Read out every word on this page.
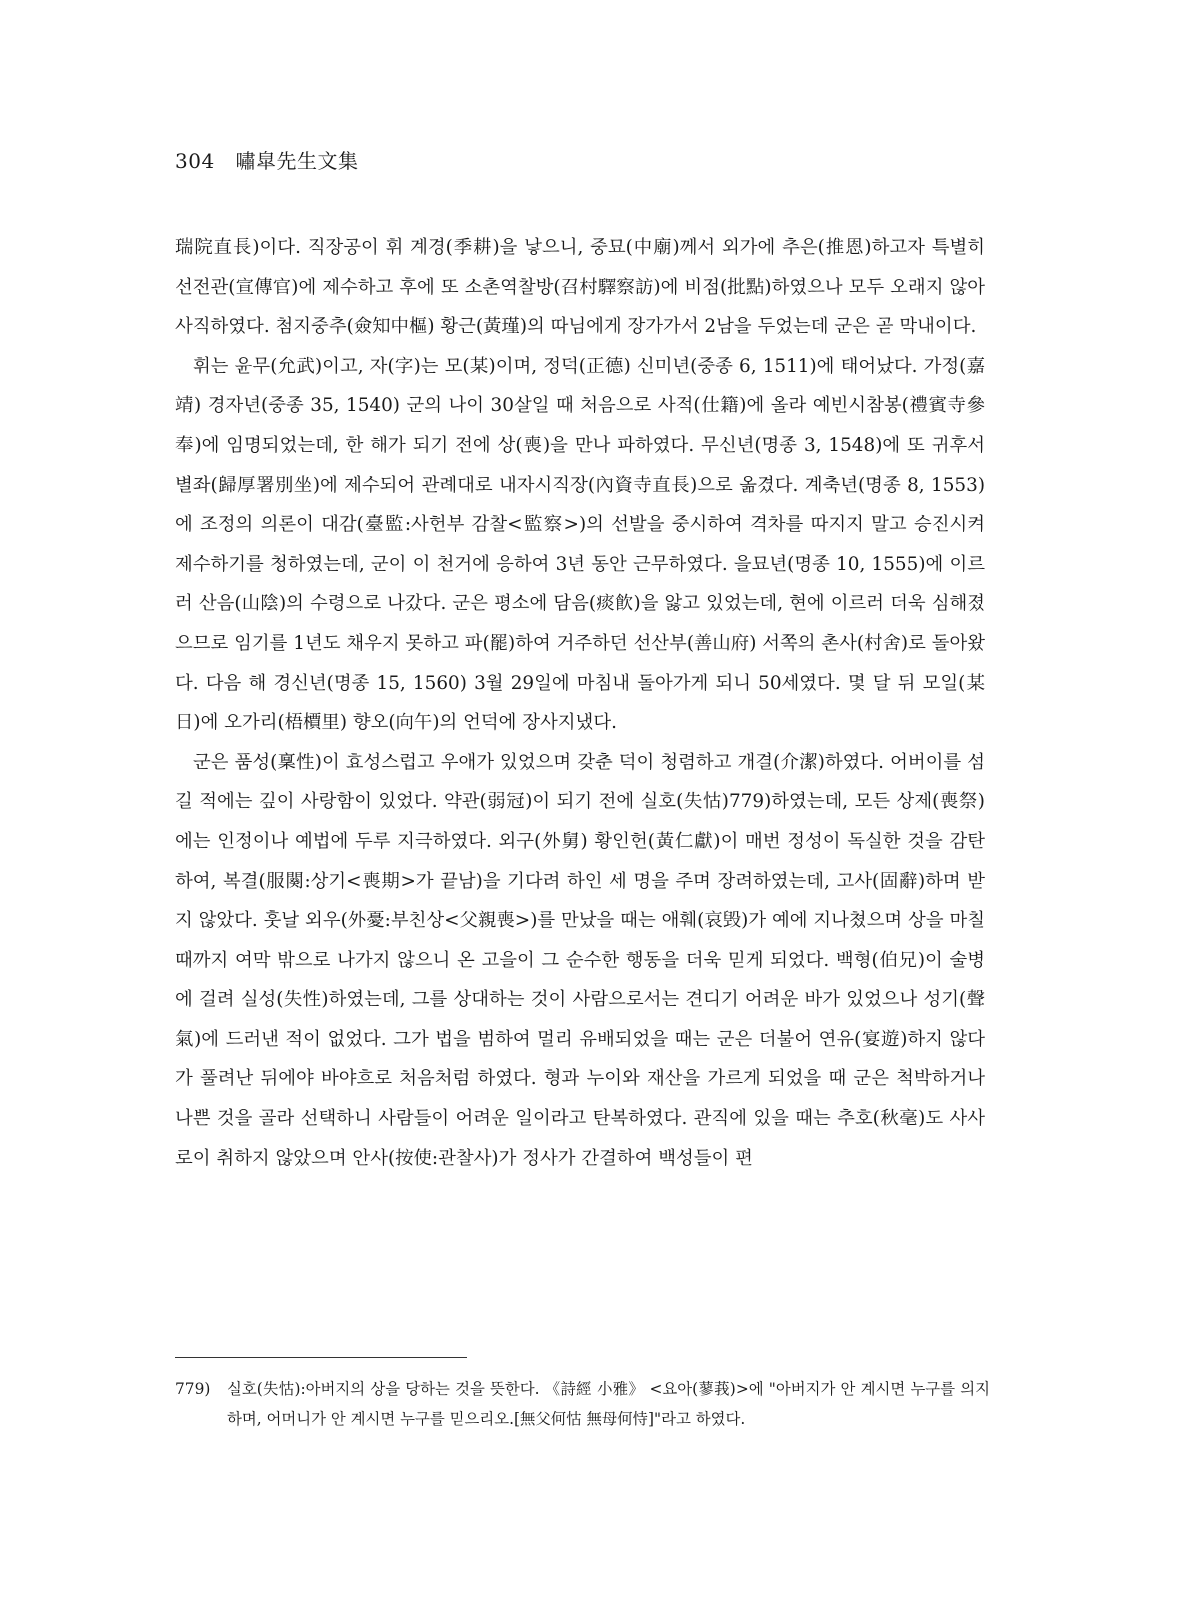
304 嘯皐先生文集

瑞院直長)이다. 직장공이 휘 계경(季耕)을 낳으니, 중묘(中廟)께서 외가에 추은(推恩)하고자 특별히 선전관(宣傳官)에 제수하고 후에 또 소촌역찰방(召村驛察訪)에 비점(批點)하였으나 모두 오래지 않아 사직하였다. 첨지중추(僉知中樞) 황근(黃瑾)의 따님에게 장가가서 2남을 두었는데 군은 곧 막내이다.

휘는 윤무(允武)이고, 자(字)는 모(某)이며, 정덕(正德) 신미년(중종 6, 1511)에 태어났다. 가정(嘉靖) 경자년(중종 35, 1540) 군의 나이 30살일 때 처음으로 사적(仕籍)에 올라 예빈시참봉(禮賓寺參奉)에 임명되었는데, 한 해가 되기 전에 상(喪)을 만나 파하였다. 무신년(명종 3, 1548)에 또 귀후서별좌(歸厚署別坐)에 제수되어 관례대로 내자시직장(內資寺直長)으로 옮겼다. 계축년(명종 8, 1553)에 조정의 의론이 대감(臺監:사헌부 감찰<監察>)의 선발을 중시하여 격차를 따지지 말고 승진시켜 제수하기를 청하였는데, 군이 이 천거에 응하여 3년 동안 근무하였다. 을묘년(명종 10, 1555)에 이르러 산음(山陰)의 수령으로 나갔다. 군은 평소에 담음(痰飮)을 앓고 있었는데, 현에 이르러 더욱 심해졌으므로 임기를 1년도 채우지 못하고 파(罷)하여 거주하던 선산부(善山府) 서쪽의 촌사(村舍)로 돌아왔다. 다음 해 경신년(명종 15, 1560) 3월 29일에 마침내 돌아가게 되니 50세였다. 몇 달 뒤 모일(某日)에 오가리(梧檟里) 향오(向午)의 언덕에 장사지냈다.

군은 품성(稟性)이 효성스럽고 우애가 있었으며 갖춘 덕이 청렴하고 개결(介潔)하였다. 어버이를 섬길 적에는 깊이 사랑함이 있었다. 약관(弱冠)이 되기 전에 실호(失怙)779)하였는데, 모든 상제(喪祭)에는 인정이나 예법에 두루 지극하였다. 외구(外舅) 황인헌(黃仁獻)이 매번 정성이 독실한 것을 감탄하여, 복결(服闋:상기<喪期>가 끝남)을 기다려 하인 세 명을 주며 장려하였는데, 고사(固辭)하며 받지 않았다. 훗날 외우(外憂:부친상<父親喪>)를 만났을 때는 애훼(哀毁)가 예에 지나쳤으며 상을 마칠 때까지 여막 밖으로 나가지 않으니 온 고을이 그 순수한 행동을 더욱 믿게 되었다. 백형(伯兄)이 술병에 걸려 실성(失性)하였는데, 그를 상대하는 것이 사람으로서는 견디기 어려운 바가 있었으나 성기(聲氣)에 드러낸 적이 없었다. 그가 법을 범하여 멀리 유배되었을 때는 군은 더불어 연유(宴遊)하지 않다가 풀려난 뒤에야 바야흐로 처음처럼 하였다. 형과 누이와 재산을 가르게 되었을 때 군은 척박하거나 나쁜 것을 골라 선택하니 사람들이 어려운 일이라고 탄복하였다. 관직에 있을 때는 추호(秋毫)도 사사로이 취하지 않았으며 안사(按使:관찰사)가 정사가 간결하여 백성들이 편

779)	실호(失怙):아버지의 상을 당하는 것을 뜻한다. 《詩經 小雅》 <요아(蓼莪)>에 "아버지가 안 계시면 누구를 의지하며, 어머니가 안 계시면 누구를 믿으리오.[無父何怙 無母何恃]"라고 하였다.
